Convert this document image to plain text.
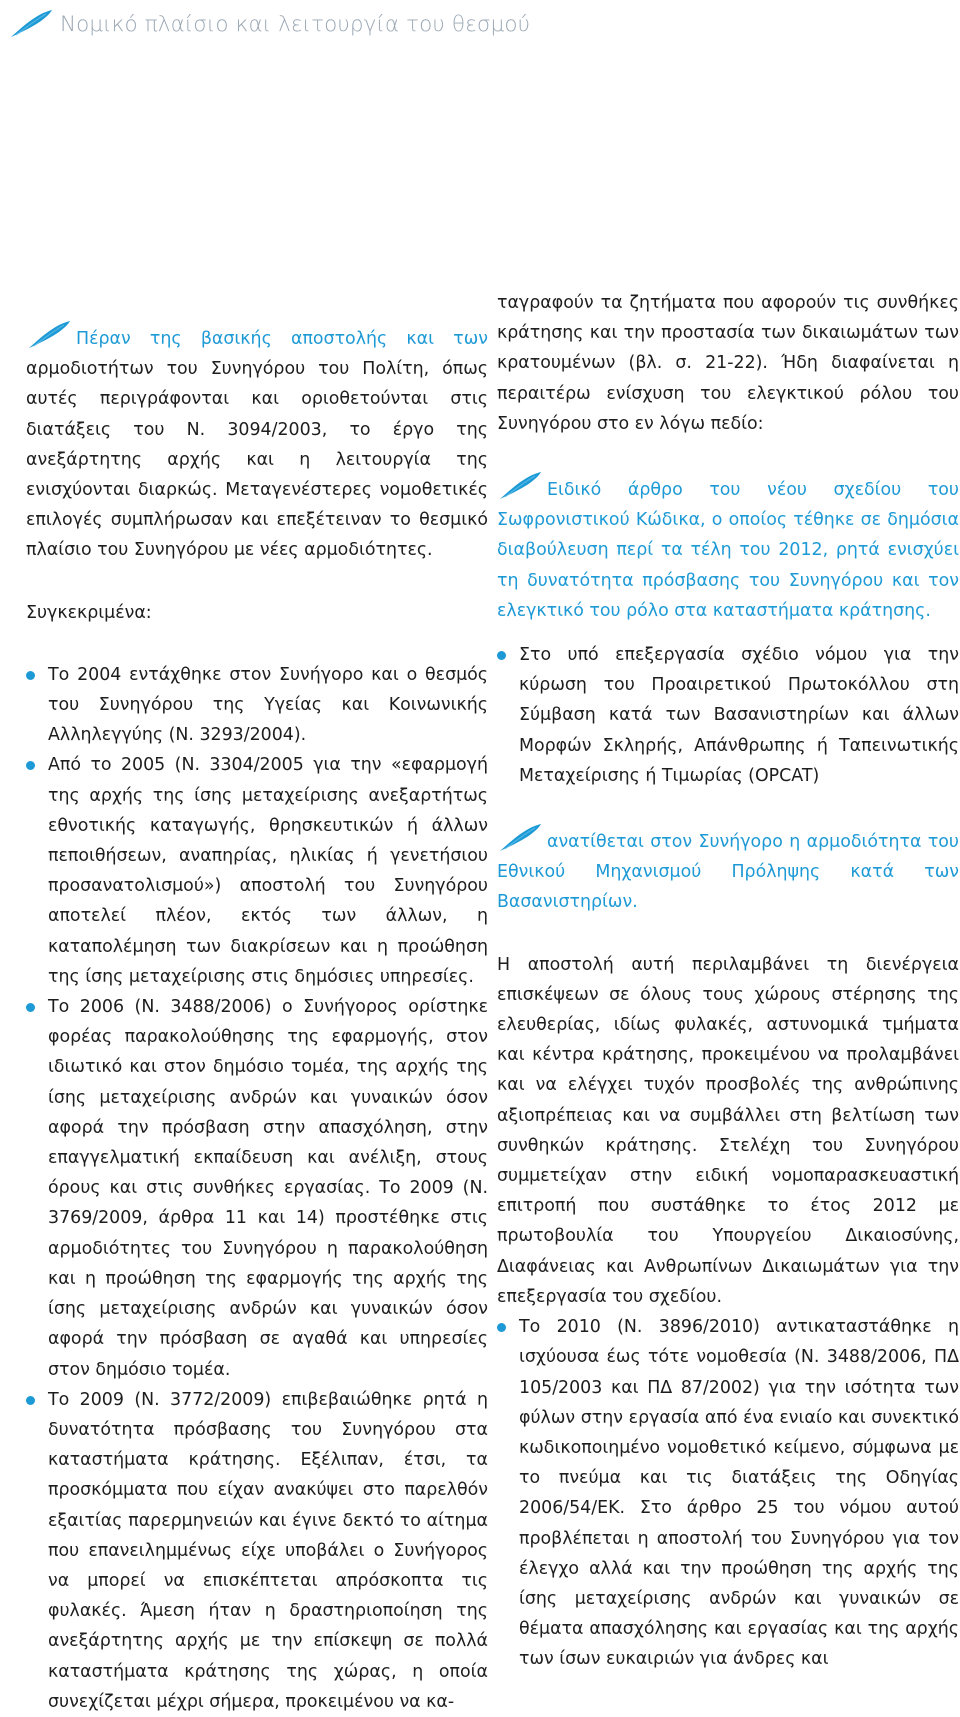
Νομικό πλαίσιο και λειτουργία του θεσμού

Πέραν της βασικής αποστολής και των αρμοδιοτήτων του Συνηγόρου του Πολίτη, όπως αυτές περιγράφονται και οριοθετούνται στις διατάξεις του Ν. 3094/2003, το έργο της ανεξάρτητης αρχής και η λειτουργία της ενισχύονται διαρκώς. Μεταγενέστερες νομοθετικές επιλογές συμπλήρωσαν και επεξέτειναν το θεσμικό πλαίσιο του Συνηγόρου με νέες αρμοδιότητες.

Συγκεκριμένα:

Το 2004 εντάχθηκε στον Συνήγορο και ο θεσμός του Συνηγόρου της Υγείας και Κοινωνικής Αλληλεγγύης (Ν. 3293/2004).
Από το 2005 (Ν. 3304/2005 για την «εφαρμογή της αρχής της ίσης μεταχείρισης ανεξαρτήτως εθνοτικής καταγωγής, θρησκευτικών ή άλλων πεποιθήσεων, αναπηρίας, ηλικίας ή γενετήσιου προσανατολισμού») αποστολή του Συνηγόρου αποτελεί πλέον, εκτός των άλλων, η καταπολέμηση των διακρίσεων και η προώθηση της ίσης μεταχείρισης στις δημόσιες υπηρεσίες.
Το 2006 (Ν. 3488/2006) ο Συνήγορος ορίστηκε φορέας παρακολούθησης της εφαρμογής, στον ιδιωτικό και στον δημόσιο τομέα, της αρχής της ίσης μεταχείρισης ανδρών και γυναικών όσον αφορά την πρόσβαση στην απασχόληση, στην επαγγελματική εκπαίδευση και ανέλιξη, στους όρους και στις συνθήκες εργασίας. Το 2009 (Ν. 3769/2009, άρθρα 11 και 14) προστέθηκε στις αρμοδιότητες του Συνηγόρου η παρακολούθηση και η προώθηση της εφαρμογής της αρχής της ίσης μεταχείρισης ανδρών και γυναικών όσον αφορά την πρόσβαση σε αγαθά και υπηρεσίες στον δημόσιο τομέα.
Το 2009 (Ν. 3772/2009) επιβεβαιώθηκε ρητά η δυνατότητα πρόσβασης του Συνηγόρου στα καταστήματα κράτησης. Εξέλιπαν, έτσι, τα προσκόμματα που είχαν ανακύψει στο παρελθόν εξαιτίας παρερμηνειών και έγινε δεκτό το αίτημα που επανειλημμένως είχε υποβάλει ο Συνήγορος να μπορεί να επισκέπτεται απρόσκοπτα τις φυλακές. Άμεση ήταν η δραστηριοποίηση της ανεξάρτητης αρχής με την επίσκεψη σε πολλά καταστήματα κράτησης της χώρας, η οποία συνεχίζεται μέχρι σήμερα, προκειμένου να κα-

ταγραφούν τα ζητήματα που αφορούν τις συνθήκες κράτησης και την προστασία των δικαιωμάτων των κρατουμένων (βλ. σ. 21-22). Ήδη διαφαίνεται η περαιτέρω ενίσχυση του ελεγκτικού ρόλου του Συνηγόρου στο εν λόγω πεδίο:

Ειδικό άρθρο του νέου σχεδίου του Σωφρονιστικού Κώδικα, ο οποίος τέθηκε σε δημόσια διαβούλευση περί τα τέλη του 2012, ρητά ενισχύει τη δυνατότητα πρόσβασης του Συνηγόρου και τον ελεγκτικό του ρόλο στα καταστήματα κράτησης.

Στο υπό επεξεργασία σχέδιο νόμου για την κύρωση του Προαιρετικού Πρωτοκόλλου στη Σύμβαση κατά των Βασανιστηρίων και άλλων Μορφών Σκληρής, Απάνθρωπης ή Ταπεινωτικής Μεταχείρισης ή Τιμωρίας (OPCAT)

ανατίθεται στον Συνήγορο η αρμοδιότητα του Εθνικού Μηχανισμού Πρόληψης κατά των Βασανιστηρίων.

Η αποστολή αυτή περιλαμβάνει τη διενέργεια επισκέψεων σε όλους τους χώρους στέρησης της ελευθερίας, ιδίως φυλακές, αστυνομικά τμήματα και κέντρα κράτησης, προκειμένου να προλαμβάνει και να ελέγχει τυχόν προσβολές της ανθρώπινης αξιοπρέπειας και να συμβάλλει στη βελτίωση των συνθηκών κράτησης. Στελέχη του Συνηγόρου συμμετείχαν στην ειδική νομοπαρασκευαστική επιτροπή που συστάθηκε το έτος 2012 με πρωτοβουλία του Υπουργείου Δικαιοσύνης, Διαφάνειας και Ανθρωπίνων Δικαιωμάτων για την επεξεργασία του σχεδίου.

Το 2010 (Ν. 3896/2010) αντικαταστάθηκε η ισχύουσα έως τότε νομοθεσία (Ν. 3488/2006, ΠΔ 105/2003 και ΠΔ 87/2002) για την ισότητα των φύλων στην εργασία από ένα ενιαίο και συνεκτικό κωδικοποιημένο νομοθετικό κείμενο, σύμφωνα με το πνεύμα και τις διατάξεις της Οδηγίας 2006/54/ΕΚ. Στο άρθρο 25 του νόμου αυτού προβλέπεται η αποστολή του Συνηγόρου για τον έλεγχο αλλά και την προώθηση της αρχής της ίσης μεταχείρισης ανδρών και γυναικών σε θέματα απασχόλησης και εργασίας και της αρχής των ίσων ευκαιριών για άνδρες και
